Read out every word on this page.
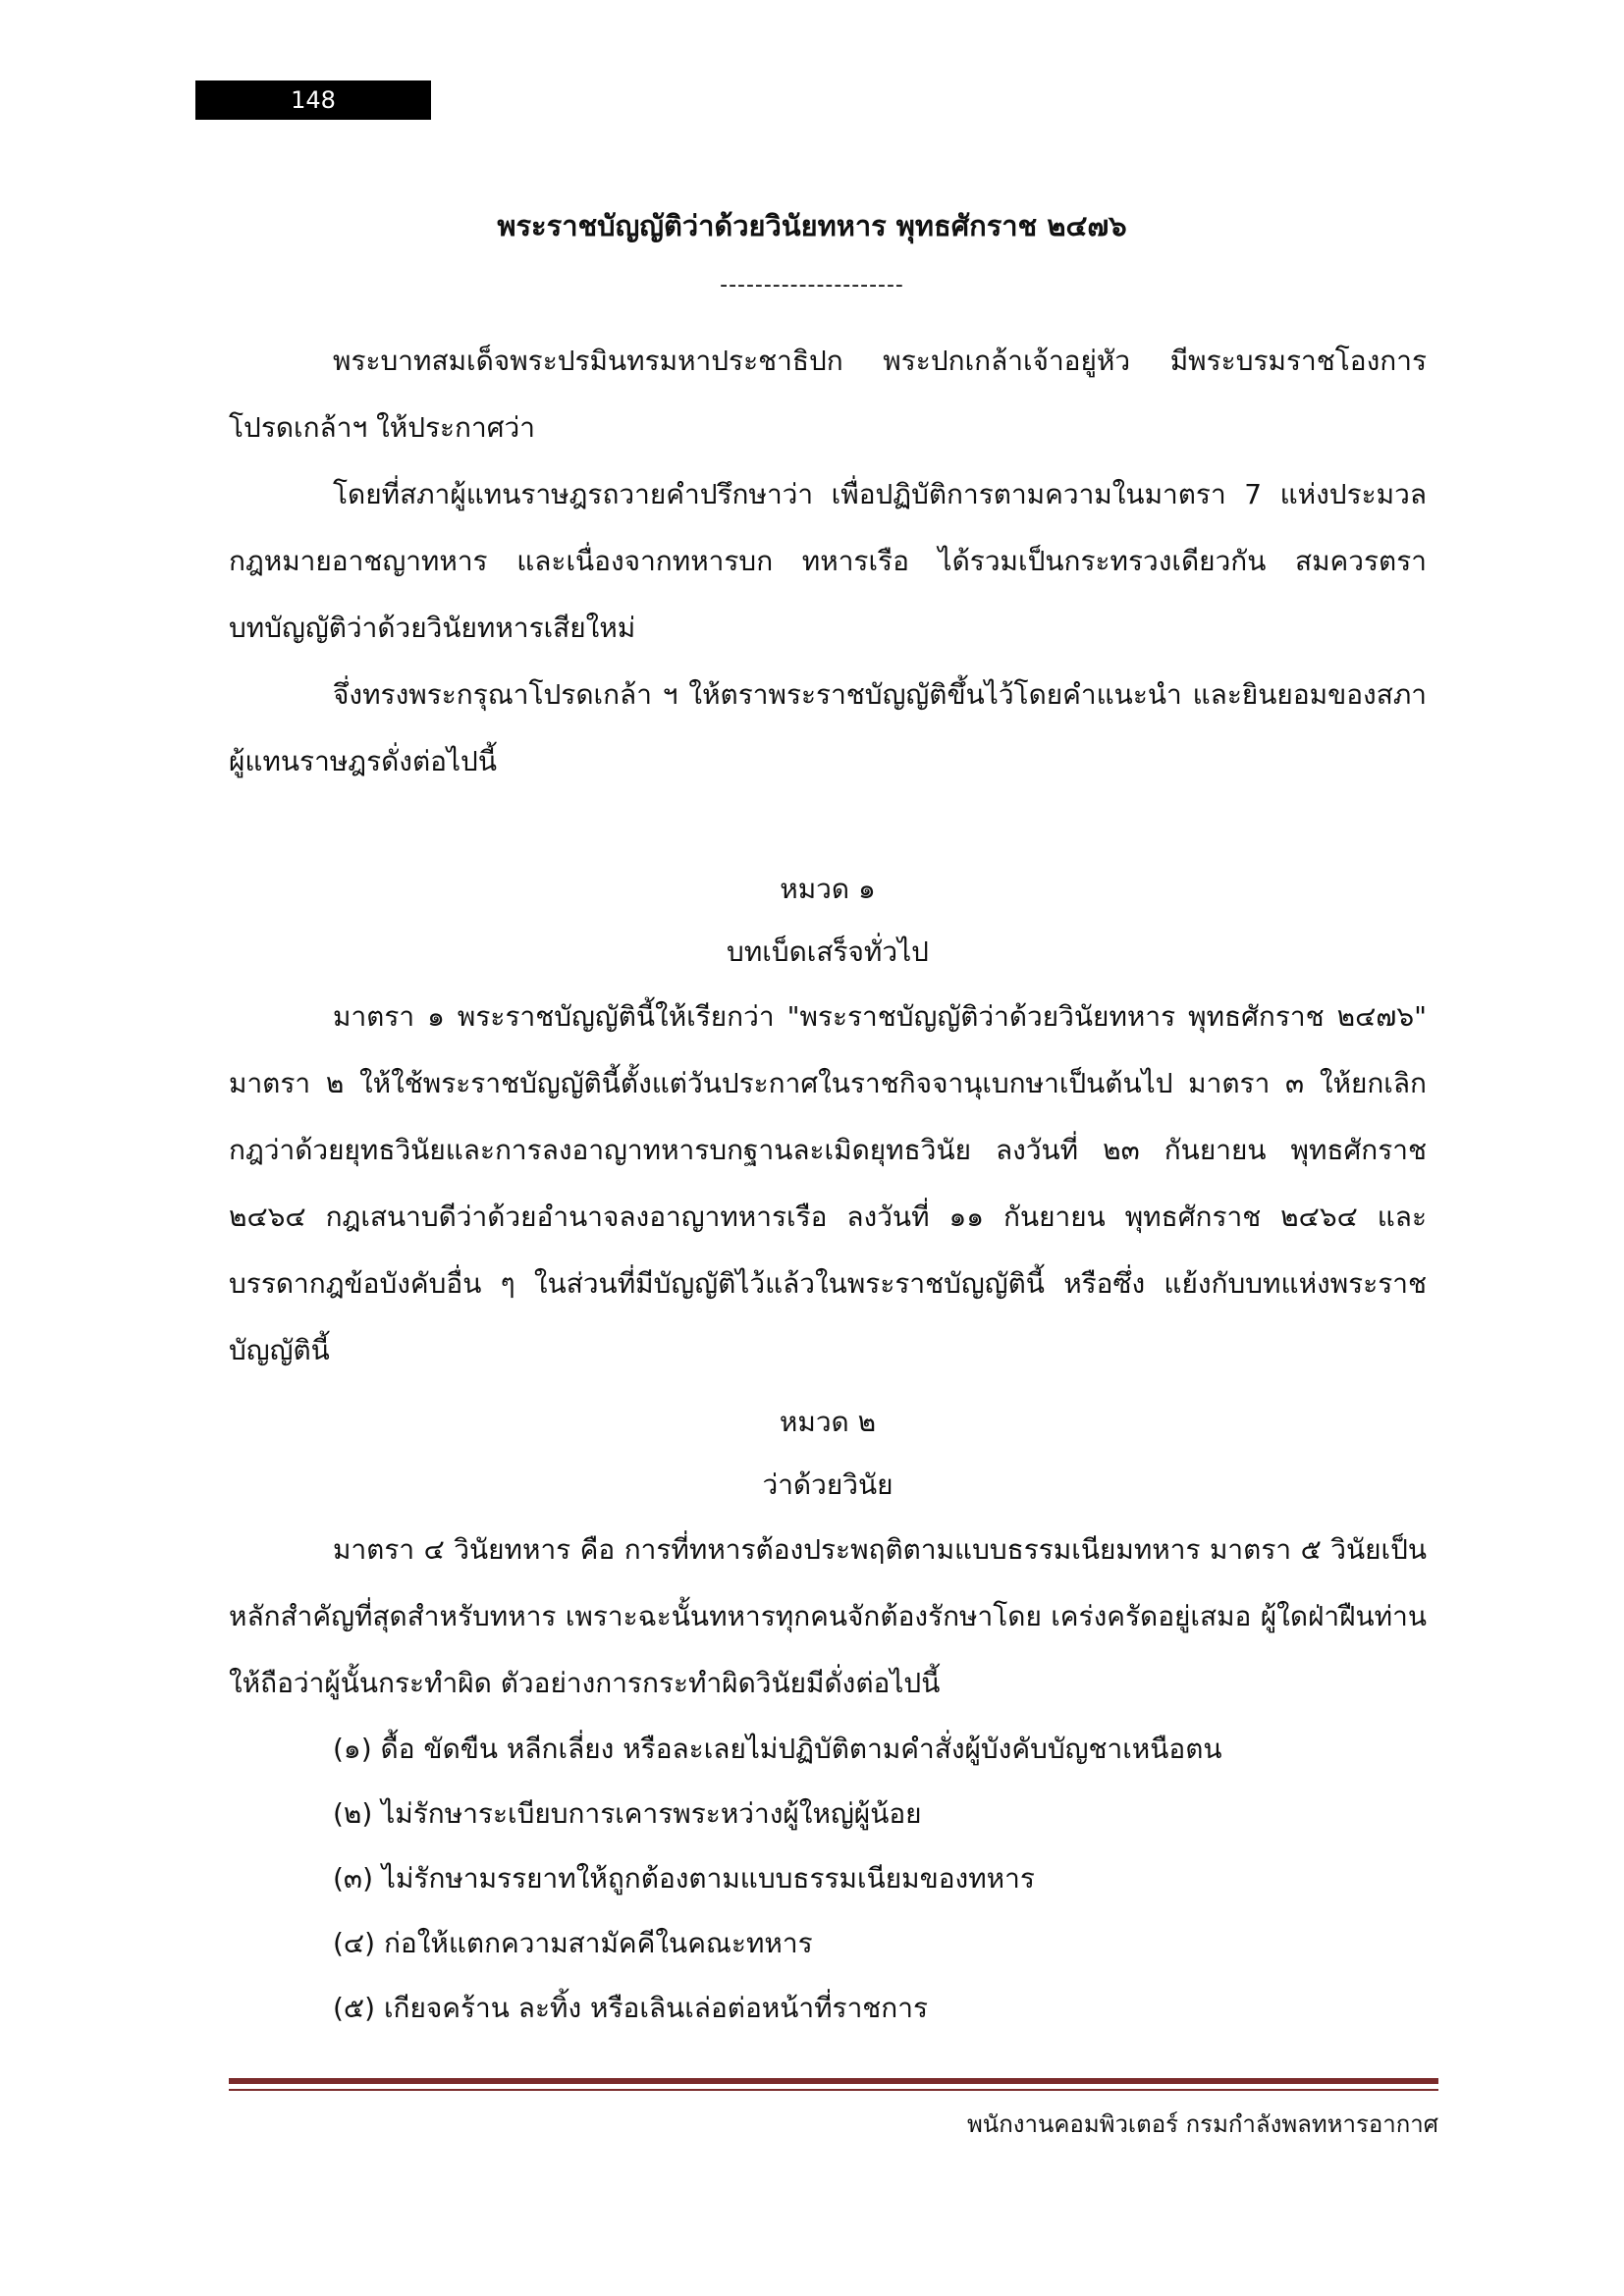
148
พระราชบัญญัติว่าด้วยวินัยทหาร พุทธศักราช ๒๔๗๖
---------------------

พระบาทสมเด็จพระปรมินทรมหาประชาธิปก พระปกเกล้าเจ้าอยู่หัว มีพระบรมราชโองการโปรดเกล้าฯ ให้ประกาศว่า

โดยที่สภาผู้แทนราษฎรถวายคำปรึกษาว่า เพื่อปฏิบัติการตามความในมาตรา 7 แห่งประมวลกฎหมายอาชญาทหาร และเนื่องจากทหารบก ทหารเรือ ได้รวมเป็นกระทรวงเดียวกัน สมควรตราบทบัญญัติว่าด้วยวินัยทหารเสียใหม่

จึ่งทรงพระกรุณาโปรดเกล้า ฯ ให้ตราพระราชบัญญัติขึ้นไว้โดยคำแนะนำ และยินยอมของสภาผู้แทนราษฎรดั่งต่อไปนี้

หมวด ๑

บทเบ็ดเสร็จทั่วไป

มาตรา ๑ พระราชบัญญัตินี้ให้เรียกว่า "พระราชบัญญัติว่าด้วยวินัยทหาร พุทธศักราช ๒๔๗๖" มาตรา ๒ ให้ใช้พระราชบัญญัตินี้ตั้งแต่วันประกาศในราชกิจจานุเบกษาเป็นต้นไป มาตรา ๓ ให้ยกเลิกกฎว่าด้วยยุทธวินัยและการลงอาญาทหารบกฐานละเมิดยุทธวินัย ลงวันที่ ๒๓ กันยายน พุทธศักราช ๒๔๖๔ กฎเสนาบดีว่าด้วยอำนาจลงอาญาทหารเรือ ลงวันที่ ๑๑ กันยายน พุทธศักราช ๒๔๖๔ และบรรดากฎข้อบังคับอื่น ๆ ในส่วนที่มีบัญญัติไว้แล้วในพระราชบัญญัตินี้ หรือซึ่ง แย้งกับบทแห่งพระราชบัญญัตินี้

หมวด ๒

ว่าด้วยวินัย

มาตรา ๔ วินัยทหาร คือ การที่ทหารต้องประพฤติตามแบบธรรมเนียมทหาร มาตรา ๕ วินัยเป็นหลักสำคัญที่สุดสำหรับทหาร เพราะฉะนั้นทหารทุกคนจักต้องรักษาโดย เคร่งครัดอยู่เสมอ ผู้ใดฝ่าฝืนท่านให้ถือว่าผู้นั้นกระทำผิด ตัวอย่างการกระทำผิดวินัยมีดั่งต่อไปนี้

(๑) ดื้อ ขัดขืน หลีกเลี่ยง หรือละเลยไม่ปฏิบัติตามคำสั่งผู้บังคับบัญชาเหนือตน

(๒) ไม่รักษาระเบียบการเคารพระหว่างผู้ใหญ่ผู้น้อย

(๓) ไม่รักษามรรยาทให้ถูกต้องตามแบบธรรมเนียมของทหาร

(๔) ก่อให้แตกความสามัคคีในคณะทหาร

(๕) เกียจคร้าน ละทิ้ง หรือเลินเล่อต่อหน้าที่ราชการ

พนักงานคอมพิวเตอร์ กรมกำลังพลทหารอากาศ
